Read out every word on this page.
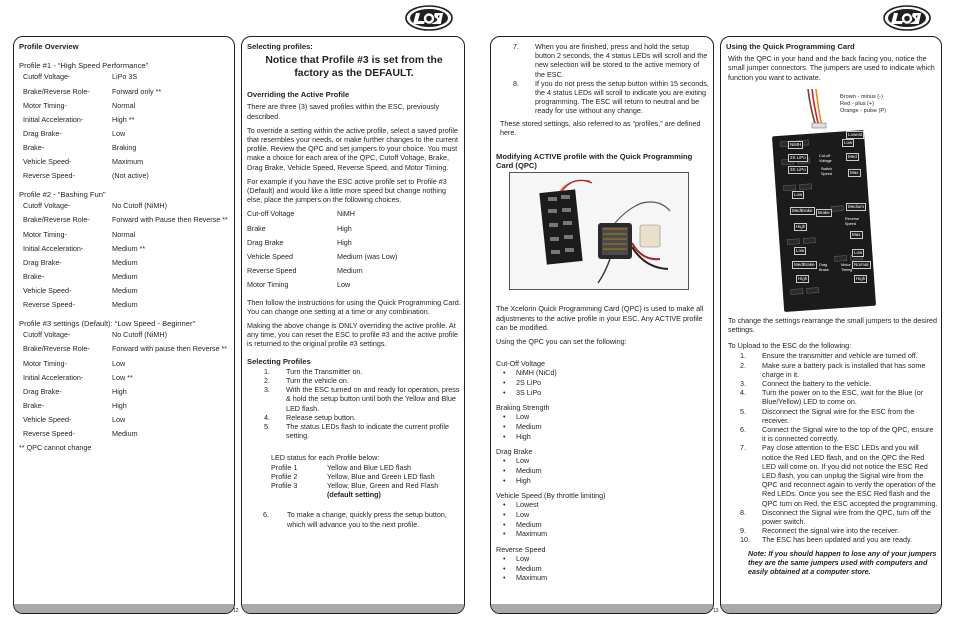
12	13
Profile Overview
Profile #1 - “High Speed Performance”
Cutoff Voltage-	LiPo 3S
Brake/Reverse Role-	Forward only **
Motor Timing-	Normal
Initial Acceleration-	High **
Drag Brake-	Low
Brake-	Braking
Vehicle Speed-	Maximum
Reverse Speed-	(Not active)
Profile #2 - “Bashing Fun”
Cutoff Voltage-	No Cutoff (NiMH)
Brake/Reverse Role-	Forward with Pause then Reverse **
Motor Timing-	Normal
Initial Acceleration-	Medium **
Drag Brake-	Medium
Brake-	Medium
Vehicle Speed-	Medium
Reverse Speed-	Medium
Profile #3 settings (Default): “Low Speed - Beginner”
Cutoff Voltage-	No Cutoff (NiMH)
Brake/Reverse Role-	Forward with pause then Reverse **
Motor Timing-	Low
Initial Acceleration-	Low **
Drag Brake-	High
Brake-	High
Vehicle Speed-	Low
Reverse Speed-	Medium
** QPC cannot change
Selecting profiles:
Notice that Profile #3 is set from the factory as the DEFAULT.
Overriding the Active Profile
There are three (3) saved profiles within the ESC, previously described.
To override a setting within the active profile, select a saved profile that resembles your needs, or make further changes to the current profile. Review the QPC and set jumpers to your choice. You must make a choice for each area of the QPC, Cutoff Voltage, Brake, Drag Brake, Vehicle Speed, Reverse Speed, and Motor Timing.
For example if you have the ESC active profile set to Profile #3 (Default) and would like a little more speed but change nothing else, place the jumpers on the following choices.
Cut-off Voltage	NiMH
Brake	High
Drag Brake	High
Vehicle Speed	Medium (was Low)
Reverse Speed	Medium
Motor Timing	Low
Then follow the instructions for using the Quick Programming Card. You can change one setting at a time or any combination.
Making the above change is ONLY overriding the active profile. At any time, you can reset the ESC to profile #3 and the active profile is returned to the original profile #3 settings.
Selecting Profiles
1.	Turn the Transmitter on.
2.	Turn the vehicle on.
3.	With the ESC turned on and ready for operation, press & hold the setup button until both the Yellow and Blue LED flash.
4.	Release setup button.
5.	The status LEDs flash to indicate the current profile setting.
LED status for each Profile below:
Profile 1	Yellow and Blue LED flash
Profile 2	Yellow, Blue and Green LED flash
Profile 3	Yellow, Blue, Green and Red Flash
(default setting)
6.	To make a change, quickly press the setup button, which will advance you to the next profile.
7.	When you are finished, press and hold the setup button 2 seconds, the 4 status LEDs will scroll and the new selection will be stored to the active memory of the ESC.
8.	If you do not press the setup button within 15 seconds, the 4 status LEDs will scroll to indicate you are exiting programming. The ESC will return to neutral and be ready for use without any change.
These stored settings, also referred to as “profiles,” are defined here.
Modifying ACTIVE profile with the Quick Programming Card (QPC)
The Xcelorin Quick Programming Card (QPC) is used to make all adjustments to the active profile in your ESC. Any ACTIVE profile can be modified.
Using the QPC you can set the following:
Cut-Off Voltage
•	NiMH (NiCd)
•	2S LiPo
•	3S LiPo
Braking Strength
•	Low
•	Medium
•	High
Drag Brake
•	Low
•	Medium
•	High
Vehicle Speed (By throttle limiting)
•	Lowest
•	Low
•	Medium
•	Maximum
Reverse Speed
•	Low
•	Medium
•	Maximum
Using the Quick Programming Card
With the QPC in your hand and the back facing you, notice the small jumper connectors. The jumpers are used to indicate which function you want to activate.
To change the settings rearrange the small jumpers to the desired settings.
To Upload to the ESC do the following:
1.	Ensure the transmitter and vehicle are turned off.
2.	Make sure a battery pack is installed that has some charge in it.
3.	Connect the battery to the vehicle.
4.	Turn the power on to the ESC, wait for the Blue (or Blue/Yellow) LED to come on.
5.	Disconnect the Signal wire for the ESC from the receiver.
6.	Connect the Signal wire to the top of the QPC, ensure it is connected correctly.
7.	Pay close attention to the ESC LEDs and you will notice the Red LED flash, and on the QPC the Red LED will come on. If you did not notice the ESC Red LED flash, you can unplug the Signal wire from the QPC and reconnect again to verify the operation of the Red LEDs. Once you see the ESC Red flash and the QPC turn on Red, the ESC accepted the programming.
8.	Disconnect the Signal wire from the QPC, turn off the power switch.
9.	Reconnect the signal wire into the receiver.
10.	The ESC has been updated and you are ready.
Note: If you should happen to lose any of your jumpers they are the same jumpers used with computers and easily obtained at a computer store.
Brown - minus (-)
Red - plus (+)
Orange - pulse (P)
NiMH
2S LiPo
3S LiPo
Cut-off Voltage
Low
Med
Max
Lowest
Switch Speed
Low
MedBrake
High
Brake
Medium
Reverse Speed
Max
Low
MedBrake
High
Drag Brake
Motor Timing
Low
Normal
High
